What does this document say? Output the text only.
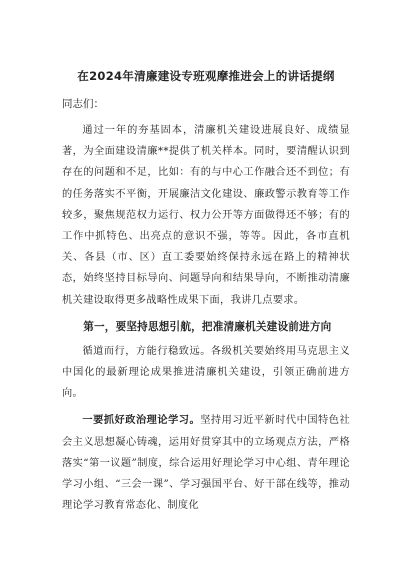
在2024年清廉建设专班观摩推进会上的讲话提纲
同志们：

通过一年的夯基固本，清廉机关建设进展良好、成绩显著，为全面建设清廉**提供了机关样本。同时，要清醒认识到存在的问题和不足，比如：有的与中心工作融合还不到位；有的任务落实不平衡，开展廉洁文化建设、廉政警示教育等工作较多，聚焦规范权力运行、权力公开等方面做得还不够；有的工作中抓特色、出亮点的意识不强，等等。因此，各市直机关、各县（市、区）直工委要始终保持永远在路上的精神状态，始终坚持目标导向、问题导向和结果导向，不断推动清廉机关建设取得更多战略性成果下面，我讲几点要求。

第一，要坚持思想引航，把准清廉机关建设前进方向

循道而行，方能行稳致远。各级机关要始终用马克思主义中国化的最新理论成果推进清廉机关建设，引领正确前进方向。

一要抓好政治理论学习。坚持用习近平新时代中国特色社会主义思想凝心铸魂，运用好贯穿其中的立场观点方法，严格落实“第一议题”制度，综合运用好理论学习中心组、青年理论学习小组、“三会一课”、学习强国平台、好干部在线等，推动理论学习教育常态化、制度化
